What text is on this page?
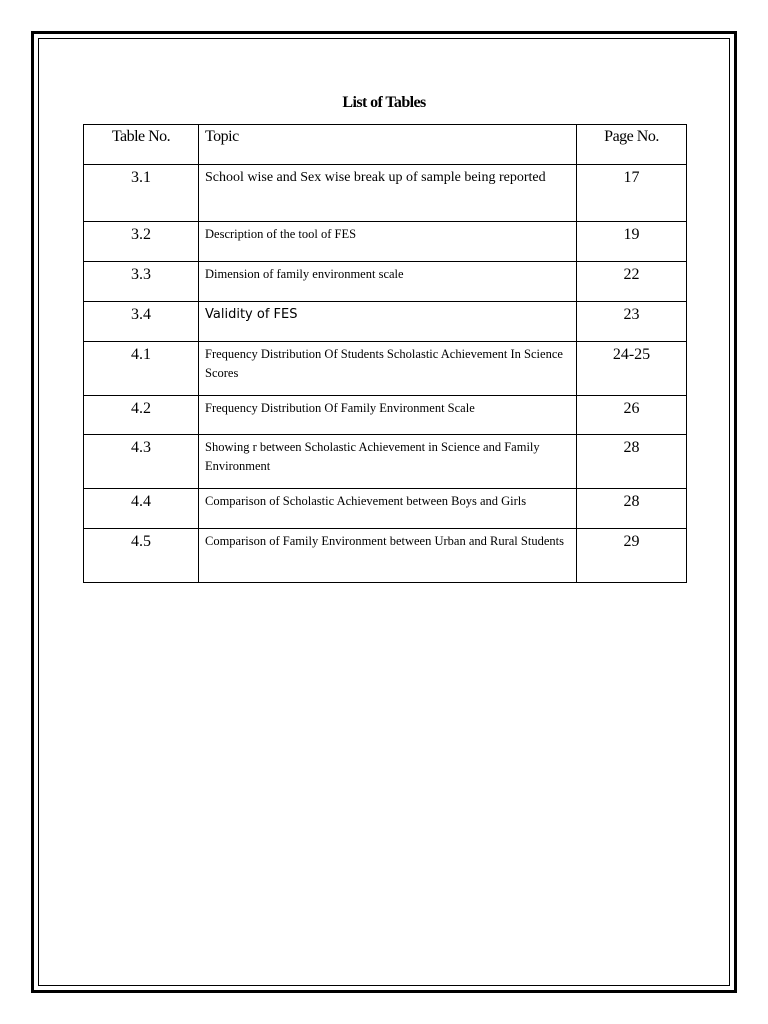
List of Tables
Table No.	Topic	Page No.
3.1	School wise and Sex wise break up of sample being reported	17
3.2	Description of the tool of FES	19
3.3	Dimension of family environment scale	22
3.4	Validity of FES	23
4.1	Frequency Distribution Of Students Scholastic Achievement In Science Scores	24-25
4.2	Frequency Distribution Of Family Environment Scale	26
4.3	Showing r between Scholastic Achievement in Science and Family Environment	28
4.4	Comparison of Scholastic Achievement between Boys and Girls	28
4.5	Comparison of Family Environment between Urban and Rural Students	29
